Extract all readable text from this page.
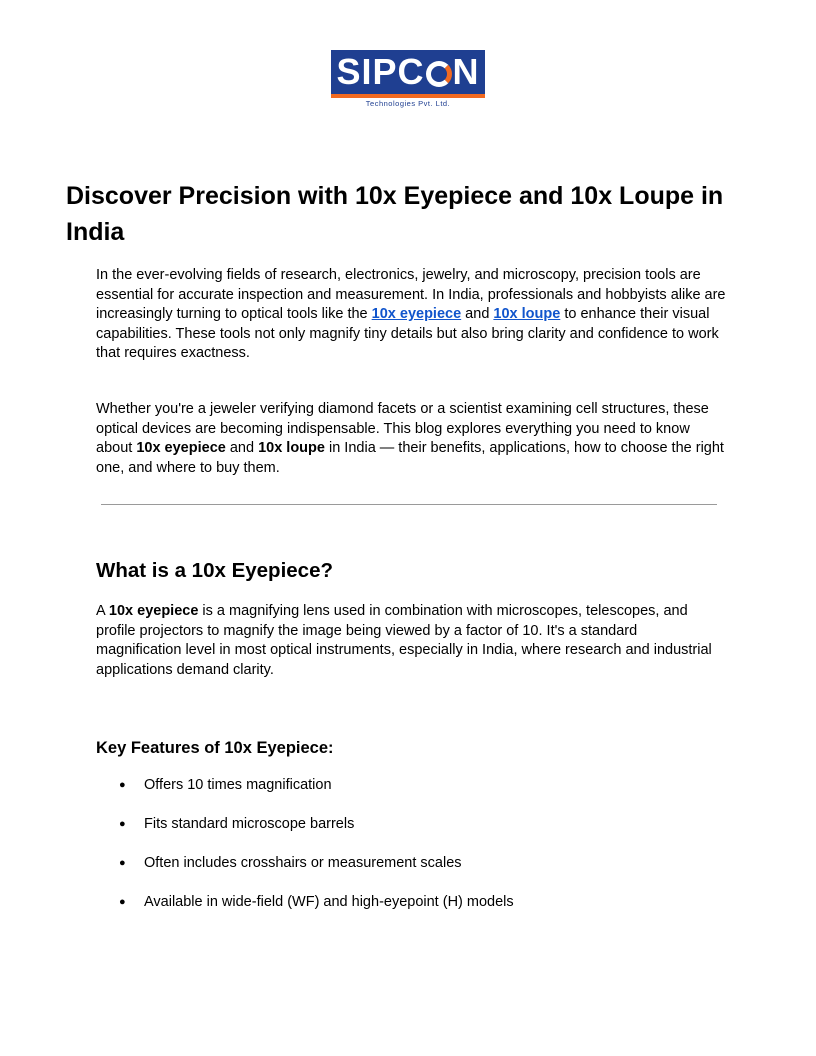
SIPC N
Technologies Pvt. Ltd.
Discover Precision with 10x Eyepiece and 10x Loupe in India

In the ever-evolving fields of research, electronics, jewelry, and microscopy, precision tools are essential for accurate inspection and measurement. In India, professionals and hobbyists alike are increasingly turning to optical tools like the 10x eyepiece and 10x loupe to enhance their visual capabilities. These tools not only magnify tiny details but also bring clarity and confidence to work that requires exactness.

Whether you're a jeweler verifying diamond facets or a scientist examining cell structures, these optical devices are becoming indispensable. This blog explores everything you need to know about 10x eyepiece and 10x loupe in India — their benefits, applications, how to choose the right one, and where to buy them.

What is a 10x Eyepiece?

A 10x eyepiece is a magnifying lens used in combination with microscopes, telescopes, and profile projectors to magnify the image being viewed by a factor of 10. It's a standard magnification level in most optical instruments, especially in India, where research and industrial applications demand clarity.

Key Features of 10x Eyepiece:
● Offers 10 times magnification
● Fits standard microscope barrels
● Often includes crosshairs or measurement scales
● Available in wide-field (WF) and high-eyepoint (H) models
